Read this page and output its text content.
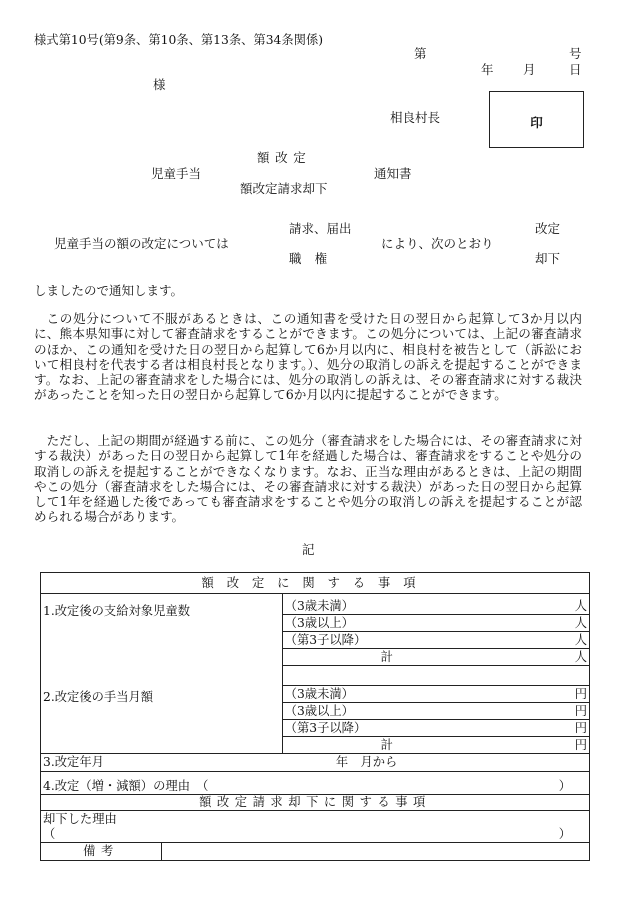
様式第10号(第9条、第10条、第13条、第34条関係)
第	号
年 月	日
様
相良村長	印
額改定
児童手当	通知書
額改定請求却下
請求、届出	改定
児童手当の額の改定については	により、次のとおり
職権	却下
しましたので通知します。

この処分について不服があるときは、この通知書を受けた日の翌日から起算して3か月以内に、熊本県知事に対して審査請求をすることができます。この処分については、上記の審査請求のほか、この通知を受けた日の翌日から起算して6か月以内に、相良村を被告として（訴訟において相良村を代表する者は相良村長となります。）、処分の取消しの訴えを提起することができます。なお、上記の審査請求をした場合には、処分の取消しの訴えは、その審査請求に対する裁決があったことを知った日の翌日から起算して6か月以内に提起することができます。

ただし、上記の期間が経過する前に、この処分（審査請求をした場合には、その審査請求に対する裁決）があった日の翌日から起算して1年を経過した場合は、審査請求をすることや処分の取消しの訴えを提起することができなくなります。なお、正当な理由があるときは、上記の期間やこの処分（審査請求をした場合には、その審査請求に対する裁決）があった日の翌日から起算して1年を経過した後であっても審査請求をすることや処分の取消しの訴えを提起することが認められる場合があります。

記
額改定に関する事項	
1.改定後の支給対象児童数	（3歳未満） 人

	（3歳以上） 人

	（第3子以降） 人

	計 人

2.改定後の手当月額	（3歳未満） 円

	（3歳以上） 円

	（第3子以降） 円

	計 円

3.改定年月 年　月から	

4.改定（増・減額）の理由　（ ）	

額改定請求却下に関する事項	

却下した理由
（ ）	

備考	
